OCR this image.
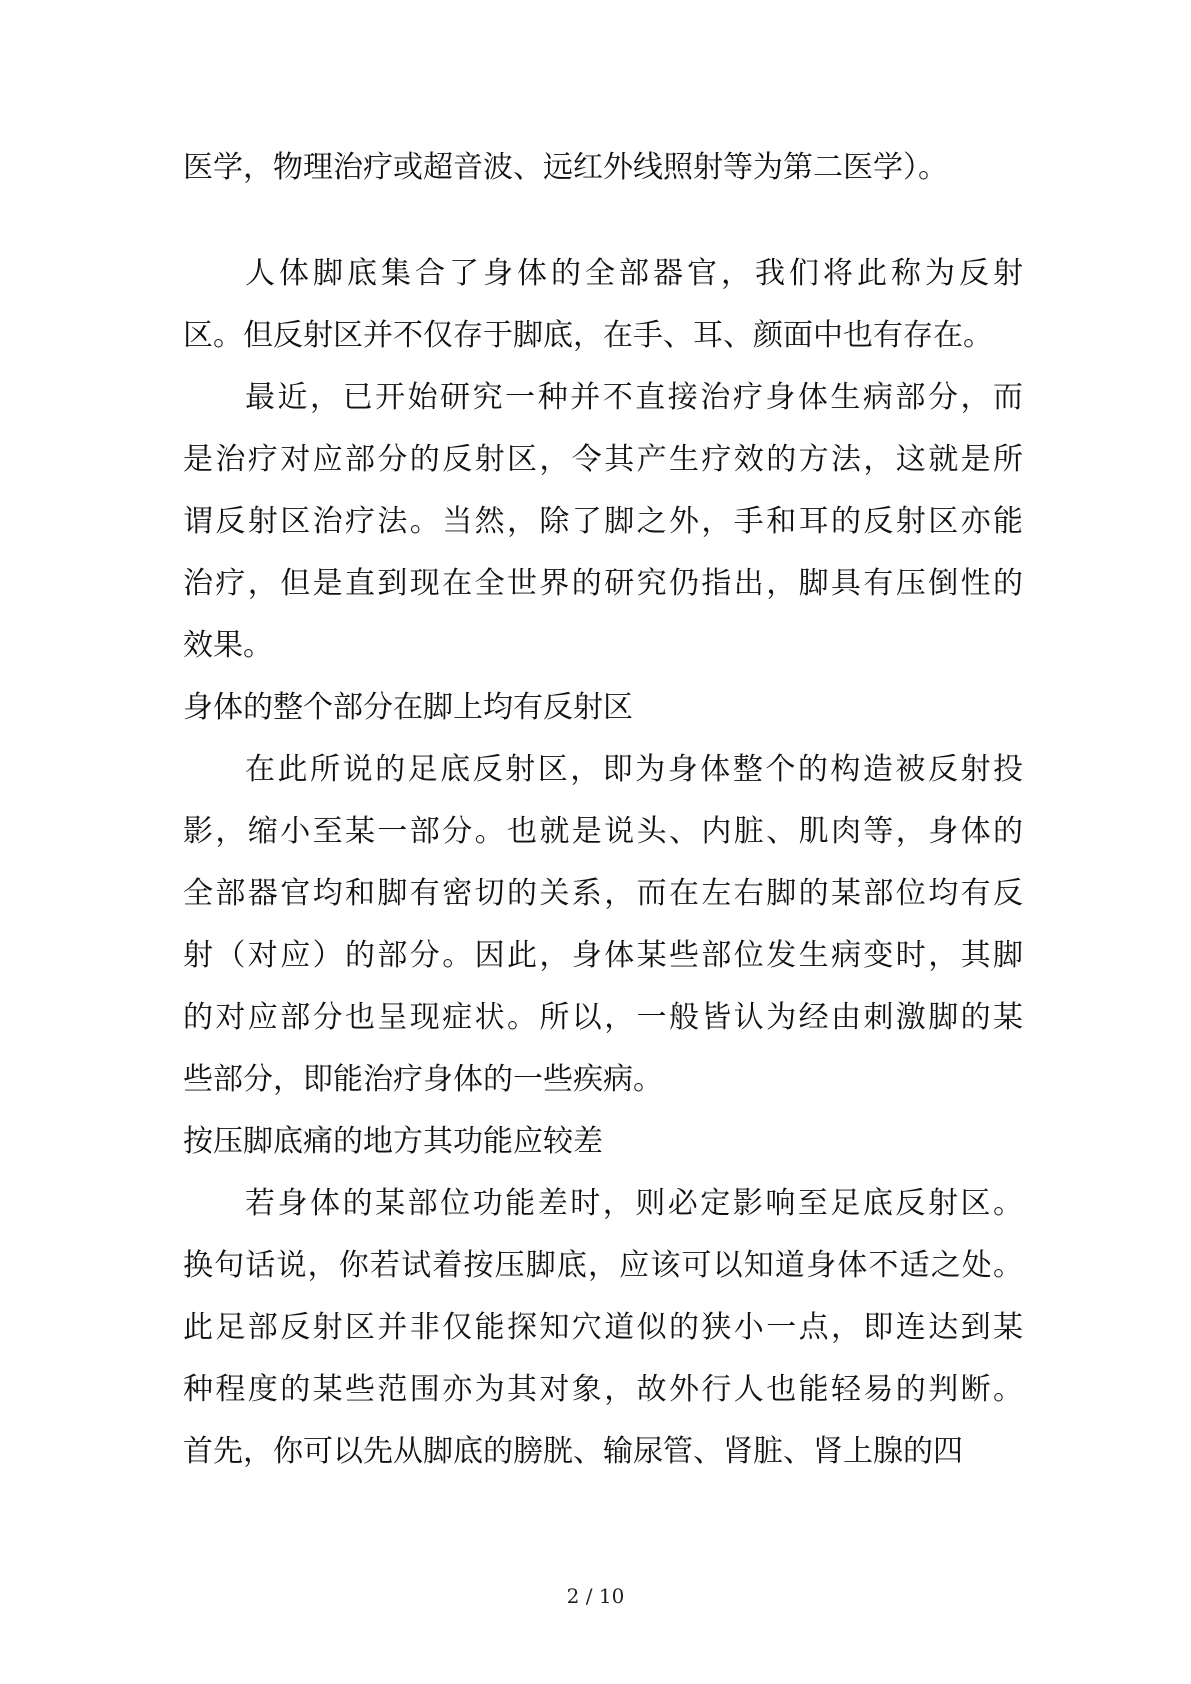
医学，物理治疗或超音波、远红外线照射等为第二医学）。
人体脚底集合了身体的全部器官，我们将此称为反射
区。但反射区并不仅存于脚底，在手、耳、颜面中也有存在。
最近，已开始研究一种并不直接治疗身体生病部分，而
是治疗对应部分的反射区，令其产生疗效的方法，这就是所
谓反射区治疗法。当然，除了脚之外，手和耳的反射区亦能
治疗，但是直到现在全世界的研究仍指出，脚具有压倒性的
效果。
身体的整个部分在脚上均有反射区
在此所说的足底反射区，即为身体整个的构造被反射投
影，缩小至某一部分。也就是说头、内脏、肌肉等，身体的
全部器官均和脚有密切的关系，而在左右脚的某部位均有反
射（对应）的部分。因此，身体某些部位发生病变时，其脚
的对应部分也呈现症状。所以，一般皆认为经由刺激脚的某
些部分，即能治疗身体的一些疾病。
按压脚底痛的地方其功能应较差
若身体的某部位功能差时，则必定影响至足底反射区。
换句话说，你若试着按压脚底，应该可以知道身体不适之处。
此足部反射区并非仅能探知穴道似的狭小一点，即连达到某
种程度的某些范围亦为其对象，故外行人也能轻易的判断。
首先，你可以先从脚底的膀胱、输尿管、肾脏、肾上腺的四
2 / 10
